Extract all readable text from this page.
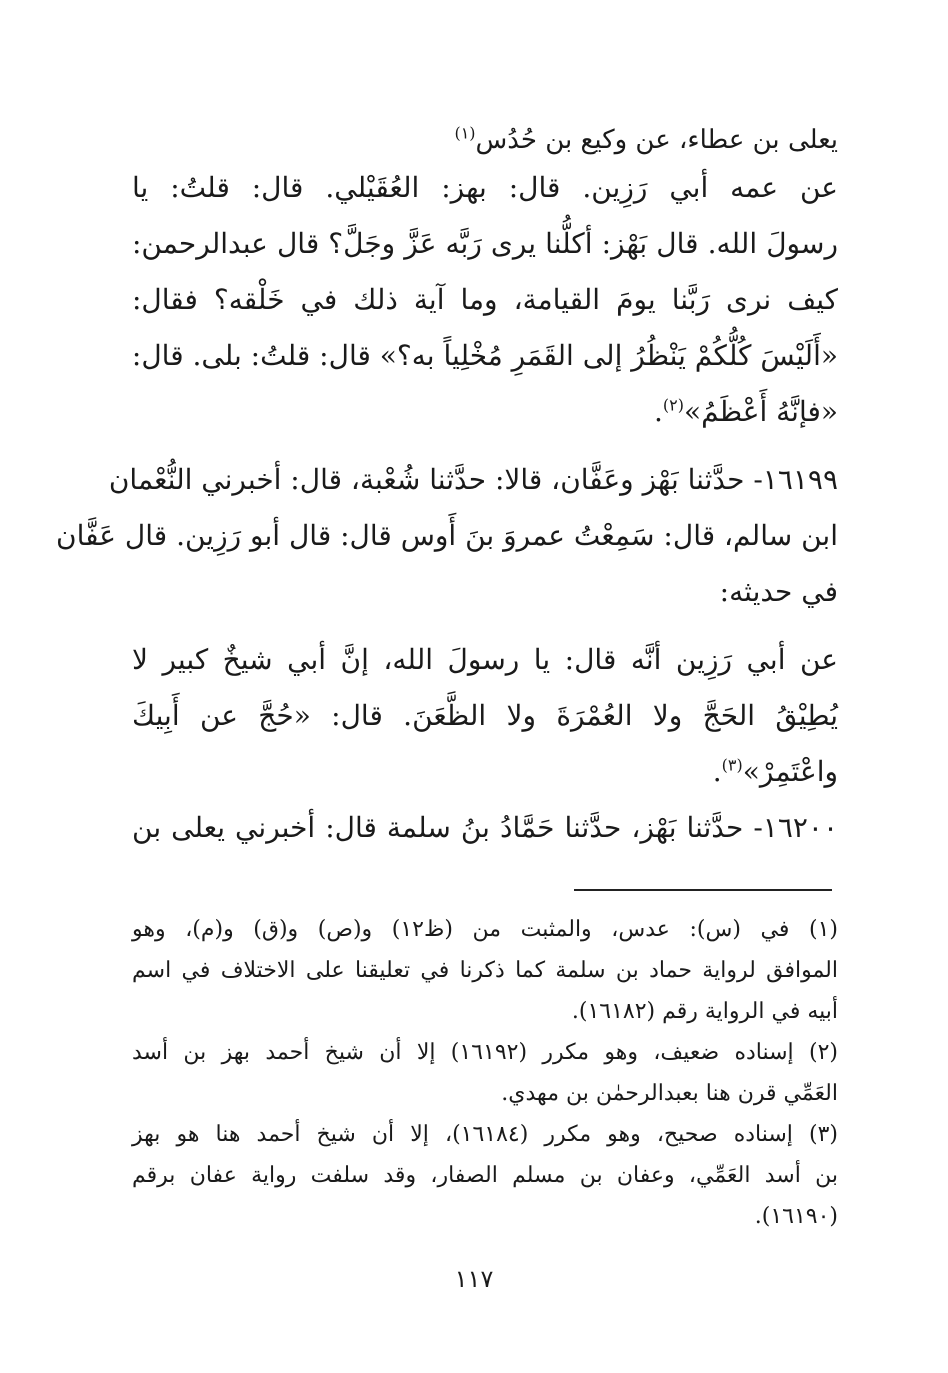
يعلى بن عطاء، عن وكيع بن حُدُس$^{(١)}$
عن عمه أبي رَزِين. قال: بهز: العُقَيْلي. قال: قلتُ: يا
رسولَ الله. قال بَهْز: أكلُّنا يرى رَبَّه عَزَّ وجَلَّ؟ قال عبدالرحمن:
كيف نرى رَبَّنا يومَ القيامة، وما آية ذلك في خَلْقه؟ فقال:
«أَلَيْسَ كُلُّكُمْ يَنْظُرُ إلى القَمَرِ مُخْلِياً به؟» قال: قلتُ: بلى. قال:
«فإنَّهُ أَعْظَمُ»$^{(٢)}$.
١٦١٩٩- حدَّثنا بَهْز وعَفَّان، قالا: حدَّثنا شُعْبة، قال: أخبرني النُّعْمان
ابن سالم، قال: سَمِعْتُ عمروَ بنَ أَوس قال: قال أبو رَزِين. قال عَفَّان
في حديثه:
عن أبي رَزِين أنَّه قال: يا رسولَ الله، إنَّ أبي شيخٌ كبير لا
يُطِيْقُ الحَجَّ ولا العُمْرَةَ ولا الظَّعَنَ. قال: «حُجَّ عن أَبِيكَ
واعْتَمِرْ»$^{(٣)}$.
١٦٢٠٠- حدَّثنا بَهْز، حدَّثنا حَمَّادُ بنُ سلمة قال: أخبرني يعلى بن
(١) في (س): عدس، والمثبت من (ظ١٢) و(ص) و(ق) و(م)، وهو
الموافق لرواية حماد بن سلمة كما ذكرنا في تعليقنا على الاختلاف في اسم
أبيه في الرواية رقم (١٦١٨٢).
(٢) إسناده ضعيف، وهو مكرر (١٦١٩٢) إلا أن شيخ أحمد بهز بن أسد
العَمِّي قرن هنا بعبدالرحمٰن بن مهدي.
(٣) إسناده صحيح، وهو مكرر (١٦١٨٤)، إلا أن شيخ أحمد هنا هو بهز
بن أسد العَمِّي، وعفان بن مسلم الصفار، وقد سلفت رواية عفان برقم
(١٦١٩٠).
١١٧
